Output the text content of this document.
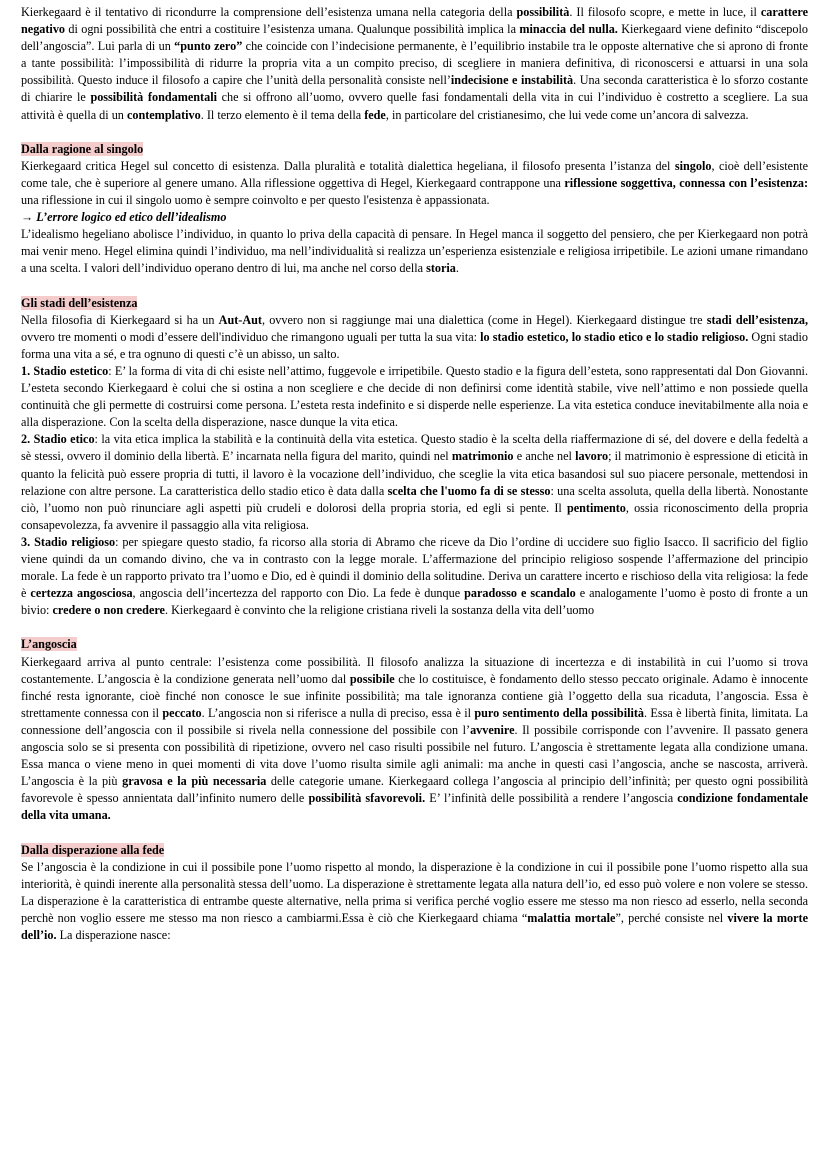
Kierkegaard è il tentativo di ricondurre la comprensione dell’esistenza umana nella categoria della possibilità. Il filosofo scopre, e mette in luce, il carattere negativo di ogni possibilità che entri a costituire l’esistenza umana. Qualunque possibilità implica la minaccia del nulla. Kierkegaard viene definito “discepolo dell’angoscia”. Lui parla di un “punto zero” che coincide con l’indecisione permanente, è l’equilibrio instabile tra le opposte alternative che si aprono di fronte a tante possibilità: l’impossibilità di ridurre la propria vita a un compito preciso, di scegliere in maniera definitiva, di riconoscersi e attuarsi in una sola possibilità. Questo induce il filosofo a capire che l’unità della personalità consiste nell’indecisione e instabilità. Una seconda caratteristica è lo sforzo costante di chiarire le possibilità fondamentali che si offrono all’uomo, ovvero quelle fasi fondamentali della vita in cui l’individuo è costretto a scegliere. La sua attività è quella di un contemplativo. Il terzo elemento è il tema della fede, in particolare del cristianesimo, che lui vede come un’ancora di salvezza.

Dalla ragione al singolo

Kierkegaard critica Hegel sul concetto di esistenza. Dalla pluralità e totalità dialettica hegeliana, il filosofo presenta l’istanza del singolo, cioè dell’esistente come tale, che è superiore al genere umano. Alla riflessione oggettiva di Hegel, Kierkegaard contrappone una riflessione soggettiva, connessa con l’esistenza: una riflessione in cui il singolo uomo è sempre coinvolto e per questo l'esistenza è appassionata.

→ L’errore logico ed etico dell’idealismo

L’idealismo hegeliano abolisce l’individuo, in quanto lo priva della capacità di pensare. In Hegel manca il soggetto del pensiero, che per Kierkegaard non potrà mai venir meno. Hegel elimina quindi l’individuo, ma nell’individualità si realizza un’esperienza esistenziale e religiosa irripetibile. Le azioni umane rimandano a una scelta. I valori dell’individuo operano dentro di lui, ma anche nel corso della storia.

Gli stadi dell’esistenza

Nella filosofia di Kierkegaard si ha un Aut-Aut, ovvero non si raggiunge mai una dialettica (come in Hegel). Kierkegaard distingue tre stadi dell’esistenza, ovvero tre momenti o modi d’essere dell'individuo che rimangono uguali per tutta la sua vita: lo stadio estetico, lo stadio etico e lo stadio religioso. Ogni stadio forma una vita a sé, e tra ognuno di questi c’è un abisso, un salto.

1. Stadio estetico: E’ la forma di vita di chi esiste nell’attimo, fuggevole e irripetibile. Questo stadio e la figura dell’esteta, sono rappresentati dal Don Giovanni. L’esteta secondo Kierkegaard è colui che si ostina a non scegliere e che decide di non definirsi come identità stabile, vive nell’attimo e non possiede quella continuità che gli permette di costruirsi come persona. L’esteta resta indefinito e si disperde nelle esperienze. La vita estetica conduce inevitabilmente alla noia e alla disperazione. Con la scelta della disperazione, nasce dunque la vita etica.

2. Stadio etico: la vita etica implica la stabilità e la continuità della vita estetica. Questo stadio è la scelta della riaffermazione di sé, del dovere e della fedeltà a sè stessi, ovvero il dominio della libertà. E’ incarnata nella figura del marito, quindi nel matrimonio e anche nel lavoro; il matrimonio è espressione di eticità in quanto la felicità può essere propria di tutti, il lavoro è la vocazione dell’individuo, che sceglie la vita etica basandosi sul suo piacere personale, mettendosi in relazione con altre persone. La caratteristica dello stadio etico è data dalla scelta che l'uomo fa di se stesso: una scelta assoluta, quella della libertà. Nonostante ciò, l’uomo non può rinunciare agli aspetti più crudeli e dolorosi della propria storia, ed egli si pente. Il pentimento, ossia riconoscimento della propria consapevolezza, fa avvenire il passaggio alla vita religiosa.

3. Stadio religioso: per spiegare questo stadio, fa ricorso alla storia di Abramo che riceve da Dio l’ordine di uccidere suo figlio Isacco. Il sacrificio del figlio viene quindi da un comando divino, che va in contrasto con la legge morale. L’affermazione del principio religioso sospende l’affermazione del principio morale. La fede è un rapporto privato tra l’uomo e Dio, ed è quindi il dominio della solitudine. Deriva un carattere incerto e rischioso della vita religiosa: la fede è certezza angosciosa, angoscia dell’incertezza del rapporto con Dio. La fede è dunque paradosso e scandalo e analogamente l’uomo è posto di fronte a un bivio: credere o non credere. Kierkegaard è convinto che la religione cristiana riveli la sostanza della vita dell’uomo

L’angoscia

Kierkegaard arriva al punto centrale: l’esistenza come possibilità. Il filosofo analizza la situazione di incertezza e di instabilità in cui l’uomo si trova costantemente. L’angoscia è la condizione generata nell’uomo dal possibile che lo costituisce, è fondamento dello stesso peccato originale. Adamo è innocente finché resta ignorante, cioè finché non conosce le sue infinite possibilità; ma tale ignoranza contiene già l’oggetto della sua ricaduta, l’angoscia. Essa è strettamente connessa con il peccato. L’angoscia non si riferisce a nulla di preciso, essa è il puro sentimento della possibilità. Essa è libertà finita, limitata. La connessione dell’angoscia con il possibile si rivela nella connessione del possibile con l’avvenire. Il possibile corrisponde con l’avvenire. Il passato genera angoscia solo se si presenta con possibilità di ripetizione, ovvero nel caso risulti possibile nel futuro. L’angoscia è strettamente legata alla condizione umana. Essa manca o viene meno in quei momenti di vita dove l’uomo risulta simile agli animali: ma anche in questi casi l’angoscia, anche se nascosta, arriverà. L’angoscia è la più gravosa e la più necessaria delle categorie umane. Kierkegaard collega l’angoscia al principio dell’infinità; per questo ogni possibilità favorevole è spesso annientata dall’infinito numero delle possibilità sfavorevoli. E’ l’infinità delle possibilità a rendere l’angoscia condizione fondamentale della vita umana.

Dalla disperazione alla fede

Se l’angoscia è la condizione in cui il possibile pone l’uomo rispetto al mondo, la disperazione è la condizione in cui il possibile pone l’uomo rispetto alla sua interiorità, è quindi inerente alla personalità stessa dell’uomo. La disperazione è strettamente legata alla natura dell’io, ed esso può volere e non volere se stesso. La disperazione è la caratteristica di entrambe queste alternative, nella prima si verifica perché voglio essere me stesso ma non riesco ad esserlo, nella seconda perchè non voglio essere me stesso ma non riesco a cambiarmi.Essa è ciò che Kierkegaard chiama “malattia mortale”, perché consiste nel vivere la morte dell’io. La disperazione nasce:
